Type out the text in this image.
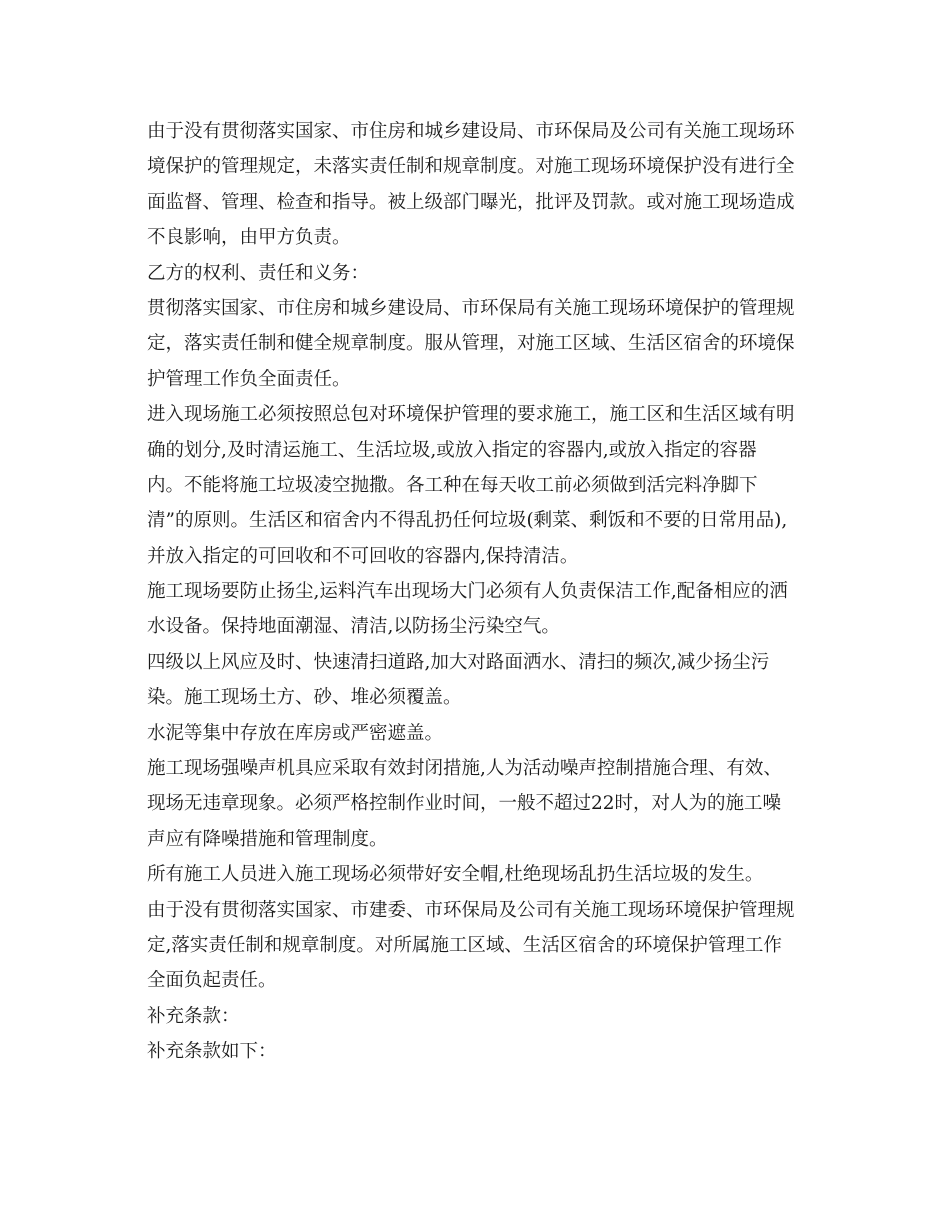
由于没有贯彻落实国家、市住房和城乡建设局、市环保局及公司有关施工现场环
境保护的管理规定，未落实责任制和规章制度。对施工现场环境保护没有进行全
面监督、管理、检查和指导。被上级部门曝光，批评及罚款。或对施工现场造成
不良影响，由甲方负责。
乙方的权利、责任和义务：
贯彻落实国家、市住房和城乡建设局、市环保局有关施工现场环境保护的管理规
定，落实责任制和健全规章制度。服从管理，对施工区域、生活区宿舍的环境保
护管理工作负全面责任。
进入现场施工必须按照总包对环境保护管理的要求施工，施工区和生活区域有明
确的划分,及时清运施工、生活垃圾,或放入指定的容器内,或放入指定的容器
内。不能将施工垃圾凌空抛撒。各工种在每天收工前必须做到活完料净脚下
清”的原则。生活区和宿舍内不得乱扔任何垃圾(剩菜、剩饭和不要的日常用品),
并放入指定的可回收和不可回收的容器内,保持清洁。
施工现场要防止扬尘,运料汽车出现场大门必须有人负责保洁工作,配备相应的洒
水设备。保持地面潮湿、清洁,以防扬尘污染空气。
四级以上风应及时、快速清扫道路,加大对路面洒水、清扫的频次,减少扬尘污
染。施工现场土方、砂、堆必须覆盖。
水泥等集中存放在库房或严密遮盖。
施工现场强噪声机具应采取有效封闭措施,人为活动噪声控制措施合理、有效、
现场无违章现象。必须严格控制作业时间，一般不超过22时，对人为的施工噪
声应有降噪措施和管理制度。
所有施工人员进入施工现场必须带好安全帽,杜绝现场乱扔生活垃圾的发生。
由于没有贯彻落实国家、市建委、市环保局及公司有关施工现场环境保护管理规
定,落实责任制和规章制度。对所属施工区域、生活区宿舍的环境保护管理工作
全面负起责任。
补充条款：
补充条款如下：
